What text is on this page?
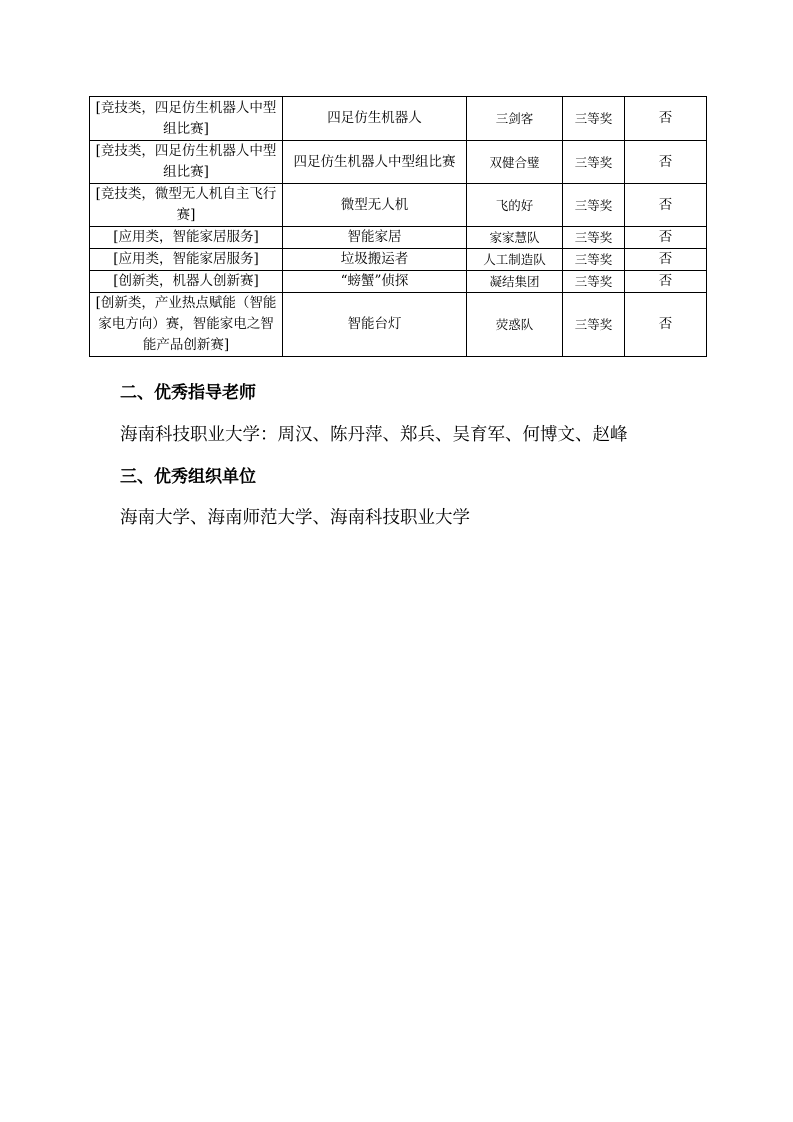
[竞技类，四足仿生机器人中型组比赛]	四足仿生机器人	三剑客	三等奖	否
[竞技类，四足仿生机器人中型组比赛]	四足仿生机器人中型组比赛	双健合璧	三等奖	否
[竞技类，微型无人机自主飞行赛]	微型无人机	飞的好	三等奖	否
[应用类，智能家居服务]	智能家居	家家慧队	三等奖	否
[应用类，智能家居服务]	垃圾搬运者	人工制造队	三等奖	否
[创新类，机器人创新赛]	“螃蟹”侦探	凝结集团	三等奖	否
[创新类，产业热点赋能（智能家电方向）赛，智能家电之智能产品创新赛]	智能台灯	荧惑队	三等奖	否
二、优秀指导老师
海南科技职业大学：周汉、陈丹萍、郑兵、吴育军、何博文、赵峰
三、优秀组织单位
海南大学、海南师范大学、海南科技职业大学
